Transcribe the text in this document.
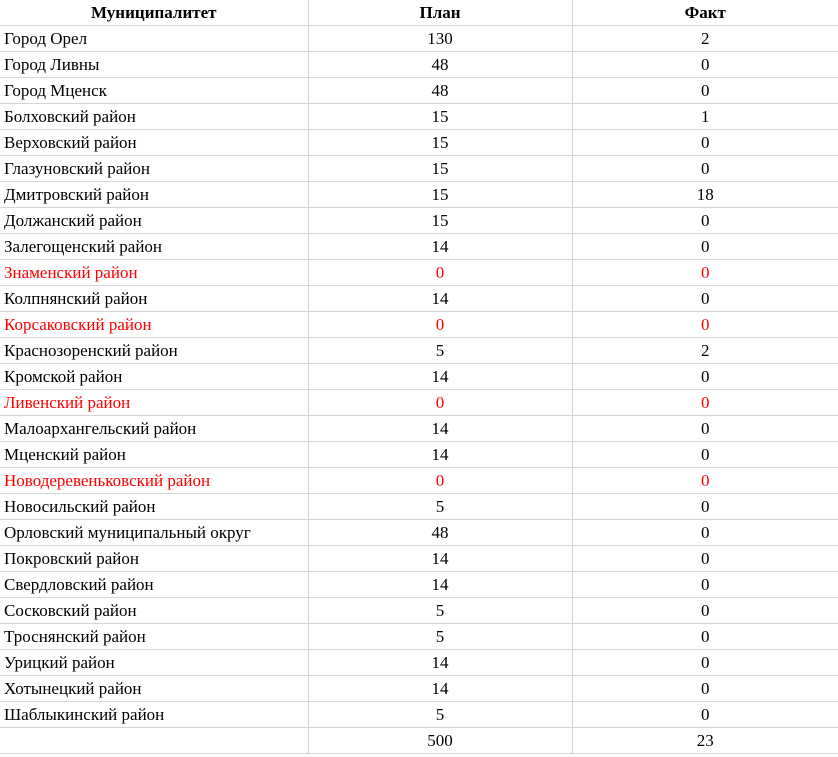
Муниципалитет	План	Факт
Город Орел	130	2
Город Ливны	48	0
Город Мценск	48	0
Болховский район	15	1
Верховский район	15	0
Глазуновский район	15	0
Дмитровский район	15	18
Должанский район	15	0
Залегощенский район	14	0
Знаменский район	0	0
Колпнянский район	14	0
Корсаковский район	0	0
Краснозоренский район	5	2
Кромской район	14	0
Ливенский район	0	0
Малоархангельский район	14	0
Мценский район	14	0
Новодеревеньковский район	0	0
Новосильский район	5	0
Орловский муниципальный округ	48	0
Покровский район	14	0
Свердловский район	14	0
Сосковский район	5	0
Троснянский район	5	0
Урицкий район	14	0
Хотынецкий район	14	0
Шаблыкинский район	5	0
	500	23
